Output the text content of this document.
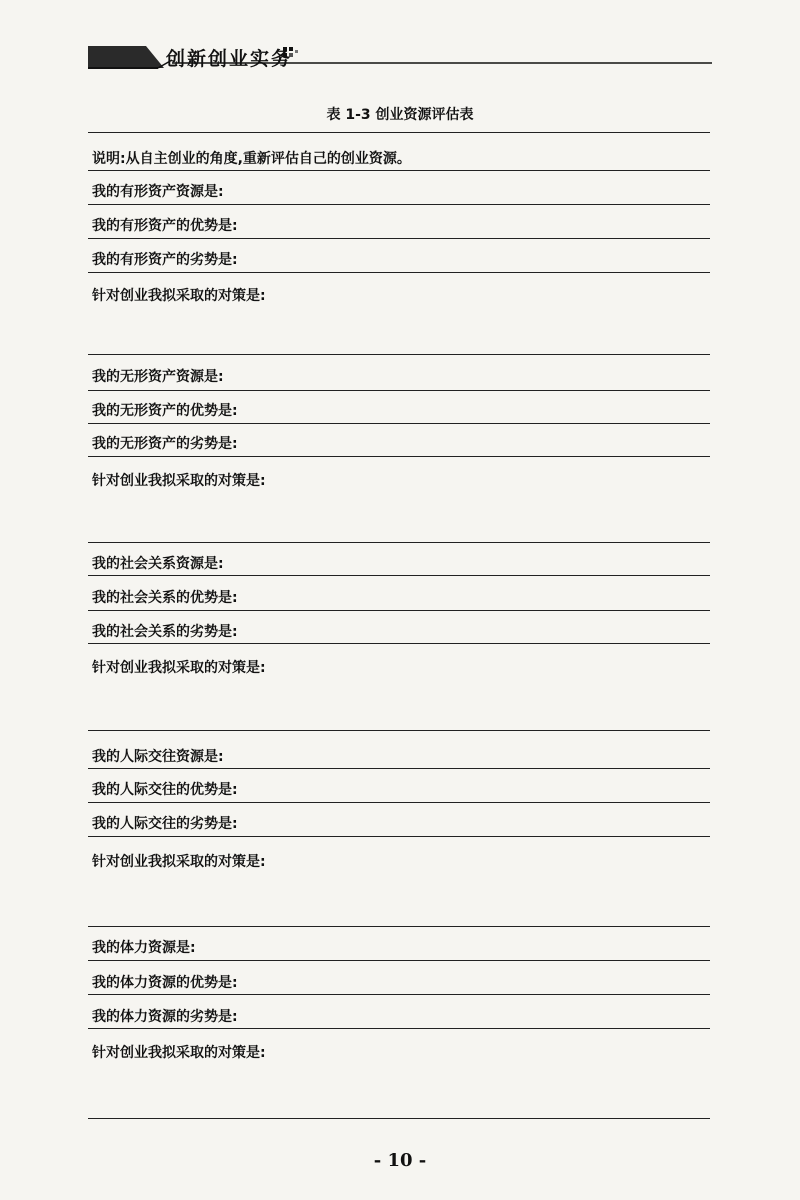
创新创业实务
表 1-3 创业资源评估表
说明:从自主创业的角度,重新评估自己的创业资源。
我的有形资产资源是:
我的有形资产的优势是:
我的有形资产的劣势是:
针对创业我拟采取的对策是:
我的无形资产资源是:
我的无形资产的优势是:
我的无形资产的劣势是:
针对创业我拟采取的对策是:
我的社会关系资源是:
我的社会关系的优势是:
我的社会关系的劣势是:
针对创业我拟采取的对策是:
我的人际交往资源是:
我的人际交往的优势是:
我的人际交往的劣势是:
针对创业我拟采取的对策是:
我的体力资源是:
我的体力资源的优势是:
我的体力资源的劣势是:
针对创业我拟采取的对策是:
- 10 -
